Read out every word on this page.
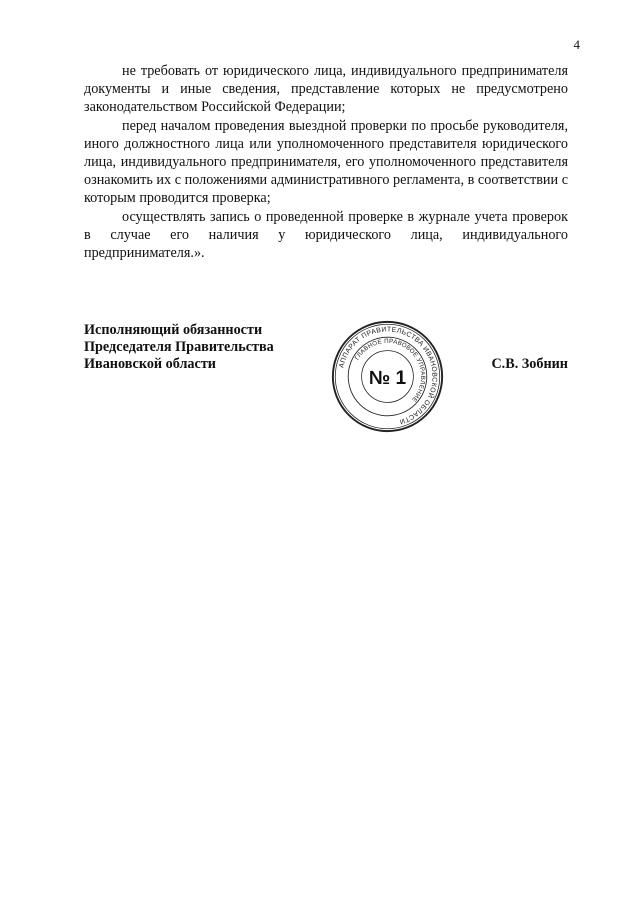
4

не требовать от юридического лица, индивидуального предпринимателя документы и иные сведения, представление которых не предусмотрено законодательством Российской Федерации;

перед началом проведения выездной проверки по просьбе руководителя, иного должностного лица или уполномоченного представителя юридического лица, индивидуального предпринимателя, его уполномоченного представителя ознакомить их с положениями административного регламента, в соответствии с которым проводится проверка;

осуществлять запись о проведенной проверке в журнале учета проверок в случае его наличия у юридического лица, индивидуального предпринимателя.».

Исполняющий обязанности
Председателя Правительства
Ивановской области	АППАРАТ ПРАВИТЕЛЬСТВА ИВАНОВСКОЙ ОБЛАСТИ
ГЛАВНОЕ ПРАВОВОЕ УПРАВЛЕНИЕ
№ 1
С.В. Зобнин
